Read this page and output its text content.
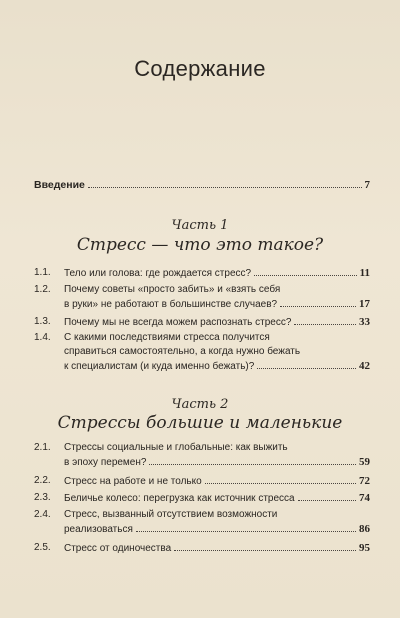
Содержание
Введение	7
Часть 1
Стресс — что это такое?
1.1.	Тело или голова: где рождается стресс?	11
1.2.	Почему советы «просто забить» и «взять себя
в руки» не работают в большинстве случаев?	17
1.3.	Почему мы не всегда можем распознать стресс?	33
1.4.	С какими последствиями стресса получится
справиться самостоятельно, а когда нужно бежать
к специалистам (и куда именно бежать)?	42
Часть 2
Стрессы большие и маленькие
2.1.	Стрессы социальные и глобальные: как выжить
в эпоху перемен?	59
2.2.	Стресс на работе и не только	72
2.3.	Беличье колесо: перегрузка как источник стресса	74
2.4.	Стресс, вызванный отсутствием возможности
реализоваться	86
2.5.	Стресс от одиночества	95
